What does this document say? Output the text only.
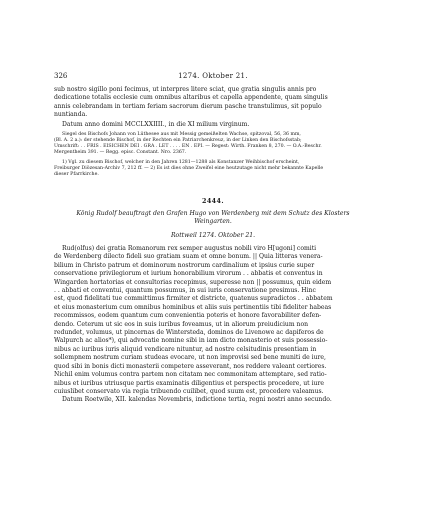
326	1274. Oktober 21.

sub nostro sigillo poni fecimus, ut interpres litere sciat, que gratia singulis annis pro

dedicatione totalis ecclesie cum omnibus altaribus et capella appendente, quam singulis

annis celebrandam in tertiam feriam sacrorum dierum pasche transtulimus, sit populo

nuntianda.

Datum anno domini MCCLXXIIII., in die XI milium virginum.

Siegel des Bischofs Johann von Lüthesee aus mit Messig gemeißelten Wachse, spitzoval, 56, 36 mm,

(Bl. A. 2 a.): der stehende Bischof, in der Rechten ein Patriarchenkreuz, in der Linken den Bischofsstab;

Umschrift: . . FRIS . EISICHEN DEI . GRA . LET . . . . EN . EPI. — Regest: Wirth. Franken 8, 270. — O.A.-Beschr.

Mergentheim 391. — Regg. episc. Constant. Nro. 2367.

1) Vgl. zu diesem Bischof, welcher in den Jahren 1281—1288 als Konstanzer Weihbischof erscheint,

Freiburger Diözesan-Archiv 7, 212 ff. — 2) Es ist dies ohne Zweifel eine heutzutage nicht mehr bekannte Kapelle

dieser Pfarrkirche.

2444.

König Rudolf beauftragt den Grafen Hugo von Werdenberg mit dem Schutz des Klosters

Weingarten.

Rottweil 1274. Oktober 21.

Rud(olfus) dei gratia Romanorum rex semper augustus nobili viro H[ugoni] comiti

de Werdenberg dilecto fideli suo gratiam suam et omne bonum. || Quia litteras venera-

bilium in Christo patrum et dominorum nostrorum cardinalium et ipsius curie super

conservatione privilegiorum et iurium honorabilium virorum . . abbatis et conventus in

Wingarden hortatorias et consultorias recepimus, superesse non || possumus, quin eidem

. . abbati et conventui, quantum possumus, in sui iuris conservatione presimus. Hinc

est, quod fidelitati tue committimus firmiter et districte, quatenus supradictos . . abbatem

et eius monasterium cum omnibus hominibus et aliis suis pertinentiis tibi fideliter habeas

recommissos, eodem quantum cum convenientia poteris et honore favorabiliter defen-

dendo. Ceterum ut sic eos in suis iuribus foveamus, ut in aliorum preiudicium non

redundet, volumus, ut pincernas de Wintersteda, dominos de Livenowe ac dapiferos de

Walpurch ac alios*), qui advocatie nomine sibi in iam dicto monasterio et suis possessio-

nibus ac iuribus iuris aliquid vendicare nituntur, ad nostre celsitudinis presentiam in

sollempnem nostrum curiam studeas evocare, ut non improvisi sed bene muniti de iure,

quod sibi in bonis dicti monasterii competere asseverant, nos reddere valeant certiores.

Nichil enim volumus contra partem non citatam nec commonitam attemptare, sed ratio-

nibus et iuribus utriusque partis examinatis diligentius et perspectis procedere, ut iure

cuiuslibet conservato via regia tribuendo cuilibet, quod suum est, procedere valeamus.

Datum Roetwile, XII. kalendas Novembris, indictione tertia, regni nostri anno secundo.
